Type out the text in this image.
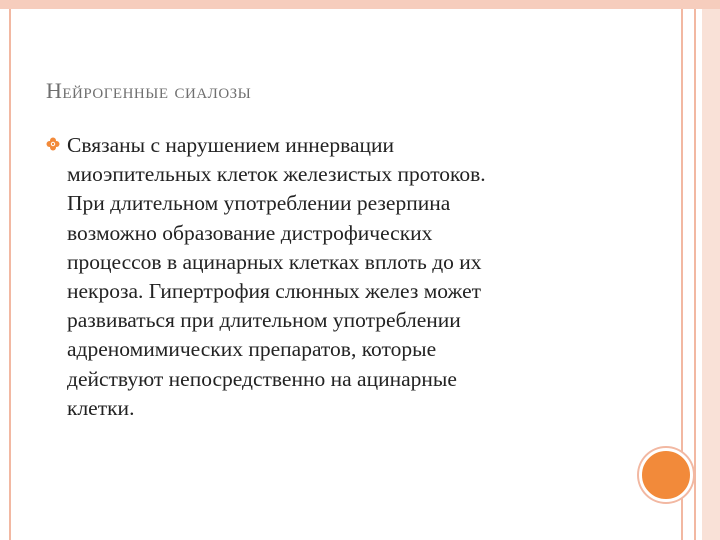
Нейрогенные сиалозы
Связаны с нарушением иннервации
миоэпительных клеток железистых протоков.
При длительном употреблении резерпина
возможно образование дистрофических
процессов в ацинарных клетках вплоть до их
некроза. Гипертрофия слюнных желез может
развиваться при длительном употреблении
адреномимических препаратов, которые
действуют непосредственно на ацинарные
клетки.
